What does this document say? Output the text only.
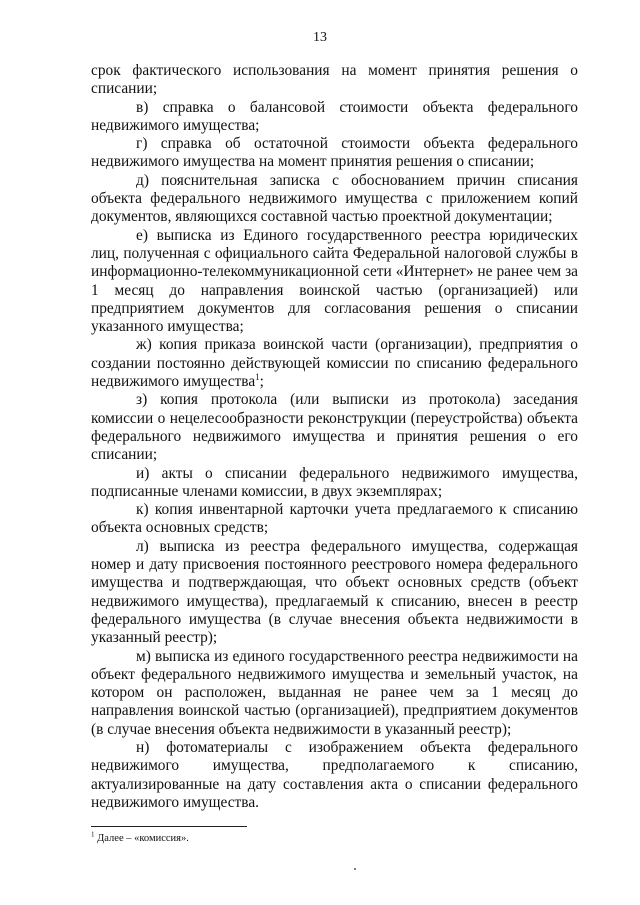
13

срок фактического использования на момент принятия решения о списании;

в) справка о балансовой стоимости объекта федерального недвижимого имущества;

г) справка об остаточной стоимости объекта федерального недвижимого имущества на момент принятия решения о списании;

д) пояснительная записка с обоснованием причин списания объекта федерального недвижимого имущества с приложением копий документов, являющихся составной частью проектной документации;

е) выписка из Единого государственного реестра юридических лиц, полученная с официального сайта Федеральной налоговой службы в информационно-телекоммуникационной сети «Интернет» не ранее чем за 1 месяц до направления воинской частью (организацией) или предприятием документов для согласования решения о списании указанного имущества;

ж) копия приказа воинской части (организации), предприятия о создании постоянно действующей комиссии по списанию федерального недвижимого имущества$^1$;

з) копия протокола (или выписки из протокола) заседания комиссии о нецелесообразности реконструкции (переустройства) объекта федерального недвижимого имущества и принятия решения о его списании;

и) акты о списании федерального недвижимого имущества, подписанные членами комиссии, в двух экземплярах;

к) копия инвентарной карточки учета предлагаемого к списанию объекта основных средств;

л) выписка из реестра федерального имущества, содержащая номер и дату присвоения постоянного реестрового номера федерального имущества и подтверждающая, что объект основных средств (объект недвижимого имущества), предлагаемый к списанию, внесен в реестр федерального имущества (в случае внесения объекта недвижимости в указанный реестр);

м) выписка из единого государственного реестра недвижимости на объект федерального недвижимого имущества и земельный участок, на котором он расположен, выданная не ранее чем за 1 месяц до направления воинской частью (организацией), предприятием документов (в случае внесения объекта недвижимости в указанный реестр);

н) фотоматериалы с изображением объекта федерального недвижимого имущества, предполагаемого к списанию, актуализированные на дату составления акта о списании федерального недвижимого имущества.

$^1$ Далее – «комиссия».
